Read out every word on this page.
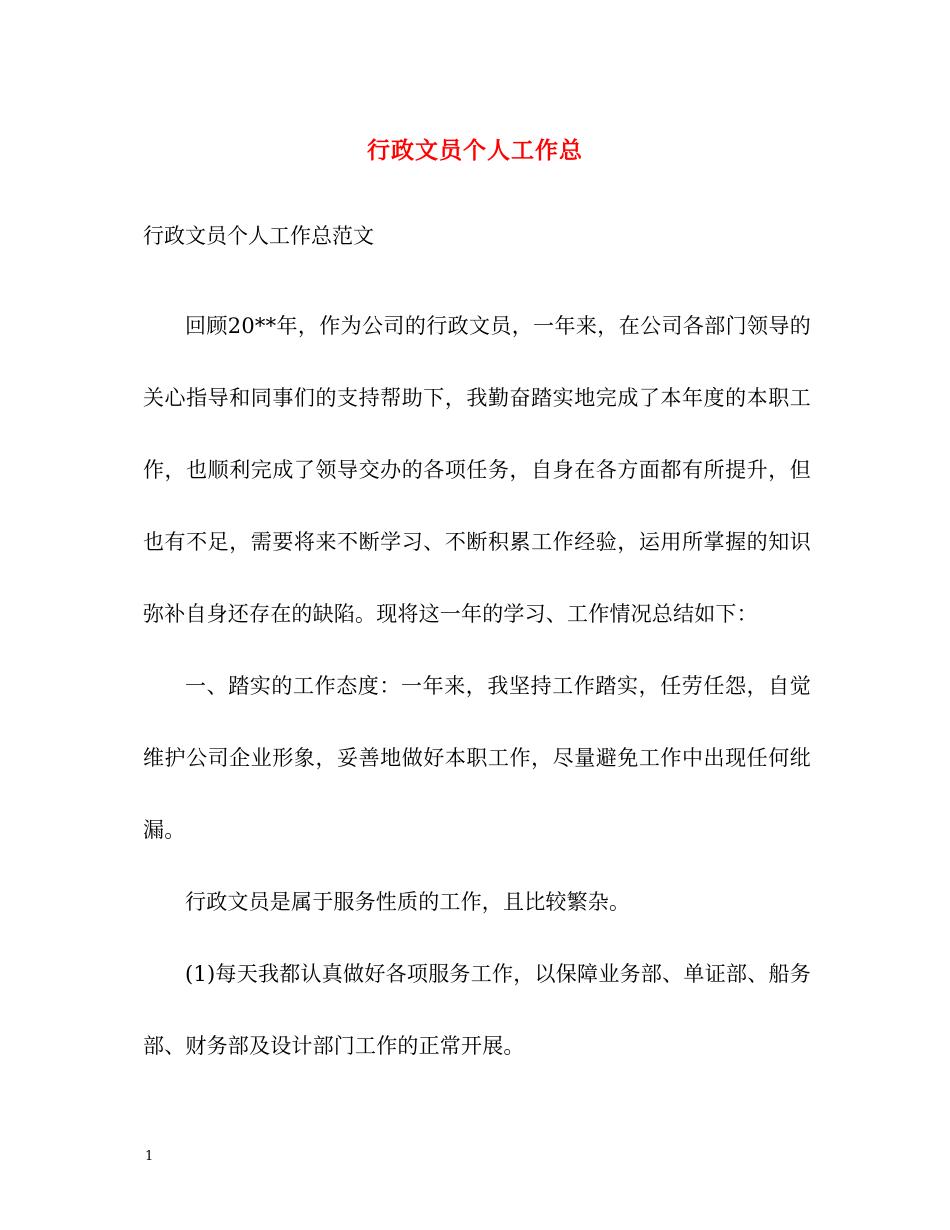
行政文员个人工作总
行政文员个人工作总范文

回顾20**年，作为公司的行政文员，一年来，在公司各部门领导的关心指导和同事们的支持帮助下，我勤奋踏实地完成了本年度的本职工作，也顺利完成了领导交办的各项任务，自身在各方面都有所提升，但也有不足，需要将来不断学习、不断积累工作经验，运用所掌握的知识弥补自身还存在的缺陷。现将这一年的学习、工作情况总结如下：

一、踏实的工作态度：一年来，我坚持工作踏实，任劳任怨，自觉维护公司企业形象，妥善地做好本职工作，尽量避免工作中出现任何纰漏。

行政文员是属于服务性质的工作，且比较繁杂。

(1)每天我都认真做好各项服务工作，以保障业务部、单证部、船务部、财务部及设计部门工作的正常开展。

1
